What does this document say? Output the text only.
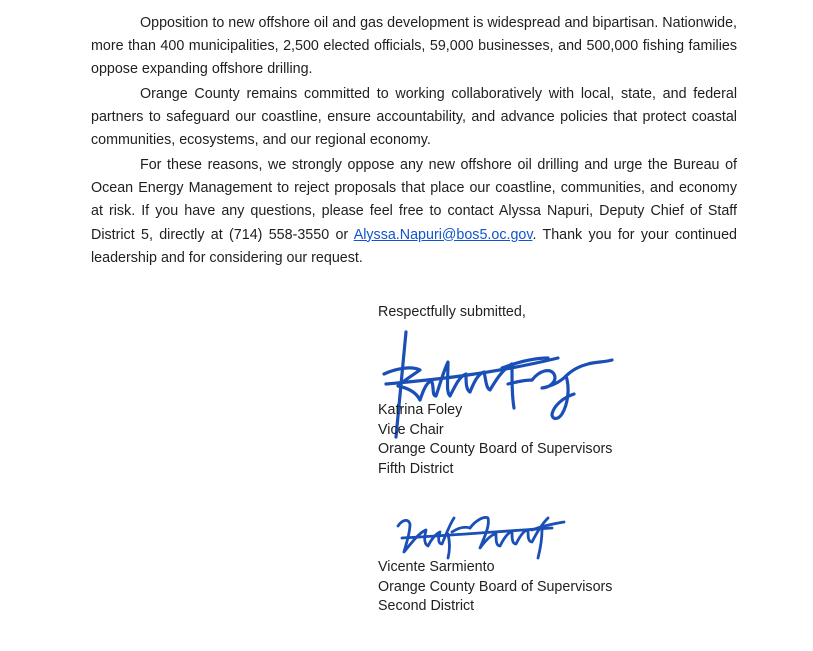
Opposition to new offshore oil and gas development is widespread and bipartisan. Nationwide, more than 400 municipalities, 2,500 elected officials, 59,000 businesses, and 500,000 fishing families oppose expanding offshore drilling.

Orange County remains committed to working collaboratively with local, state, and federal partners to safeguard our coastline, ensure accountability, and advance policies that protect coastal communities, ecosystems, and our regional economy.

For these reasons, we strongly oppose any new offshore oil drilling and urge the Bureau of Ocean Energy Management to reject proposals that place our coastline, communities, and economy at risk. If you have any questions, please feel free to contact Alyssa Napuri, Deputy Chief of Staff District 5, directly at (714) 558-3550 or Alyssa.Napuri@bos5.oc.gov. Thank you for your continued leadership and for considering our request.

Respectfully submitted,
Katrina Foley
Vice Chair
Orange County Board of Supervisors
Fifth District
Vicente Sarmiento
Orange County Board of Supervisors
Second District
